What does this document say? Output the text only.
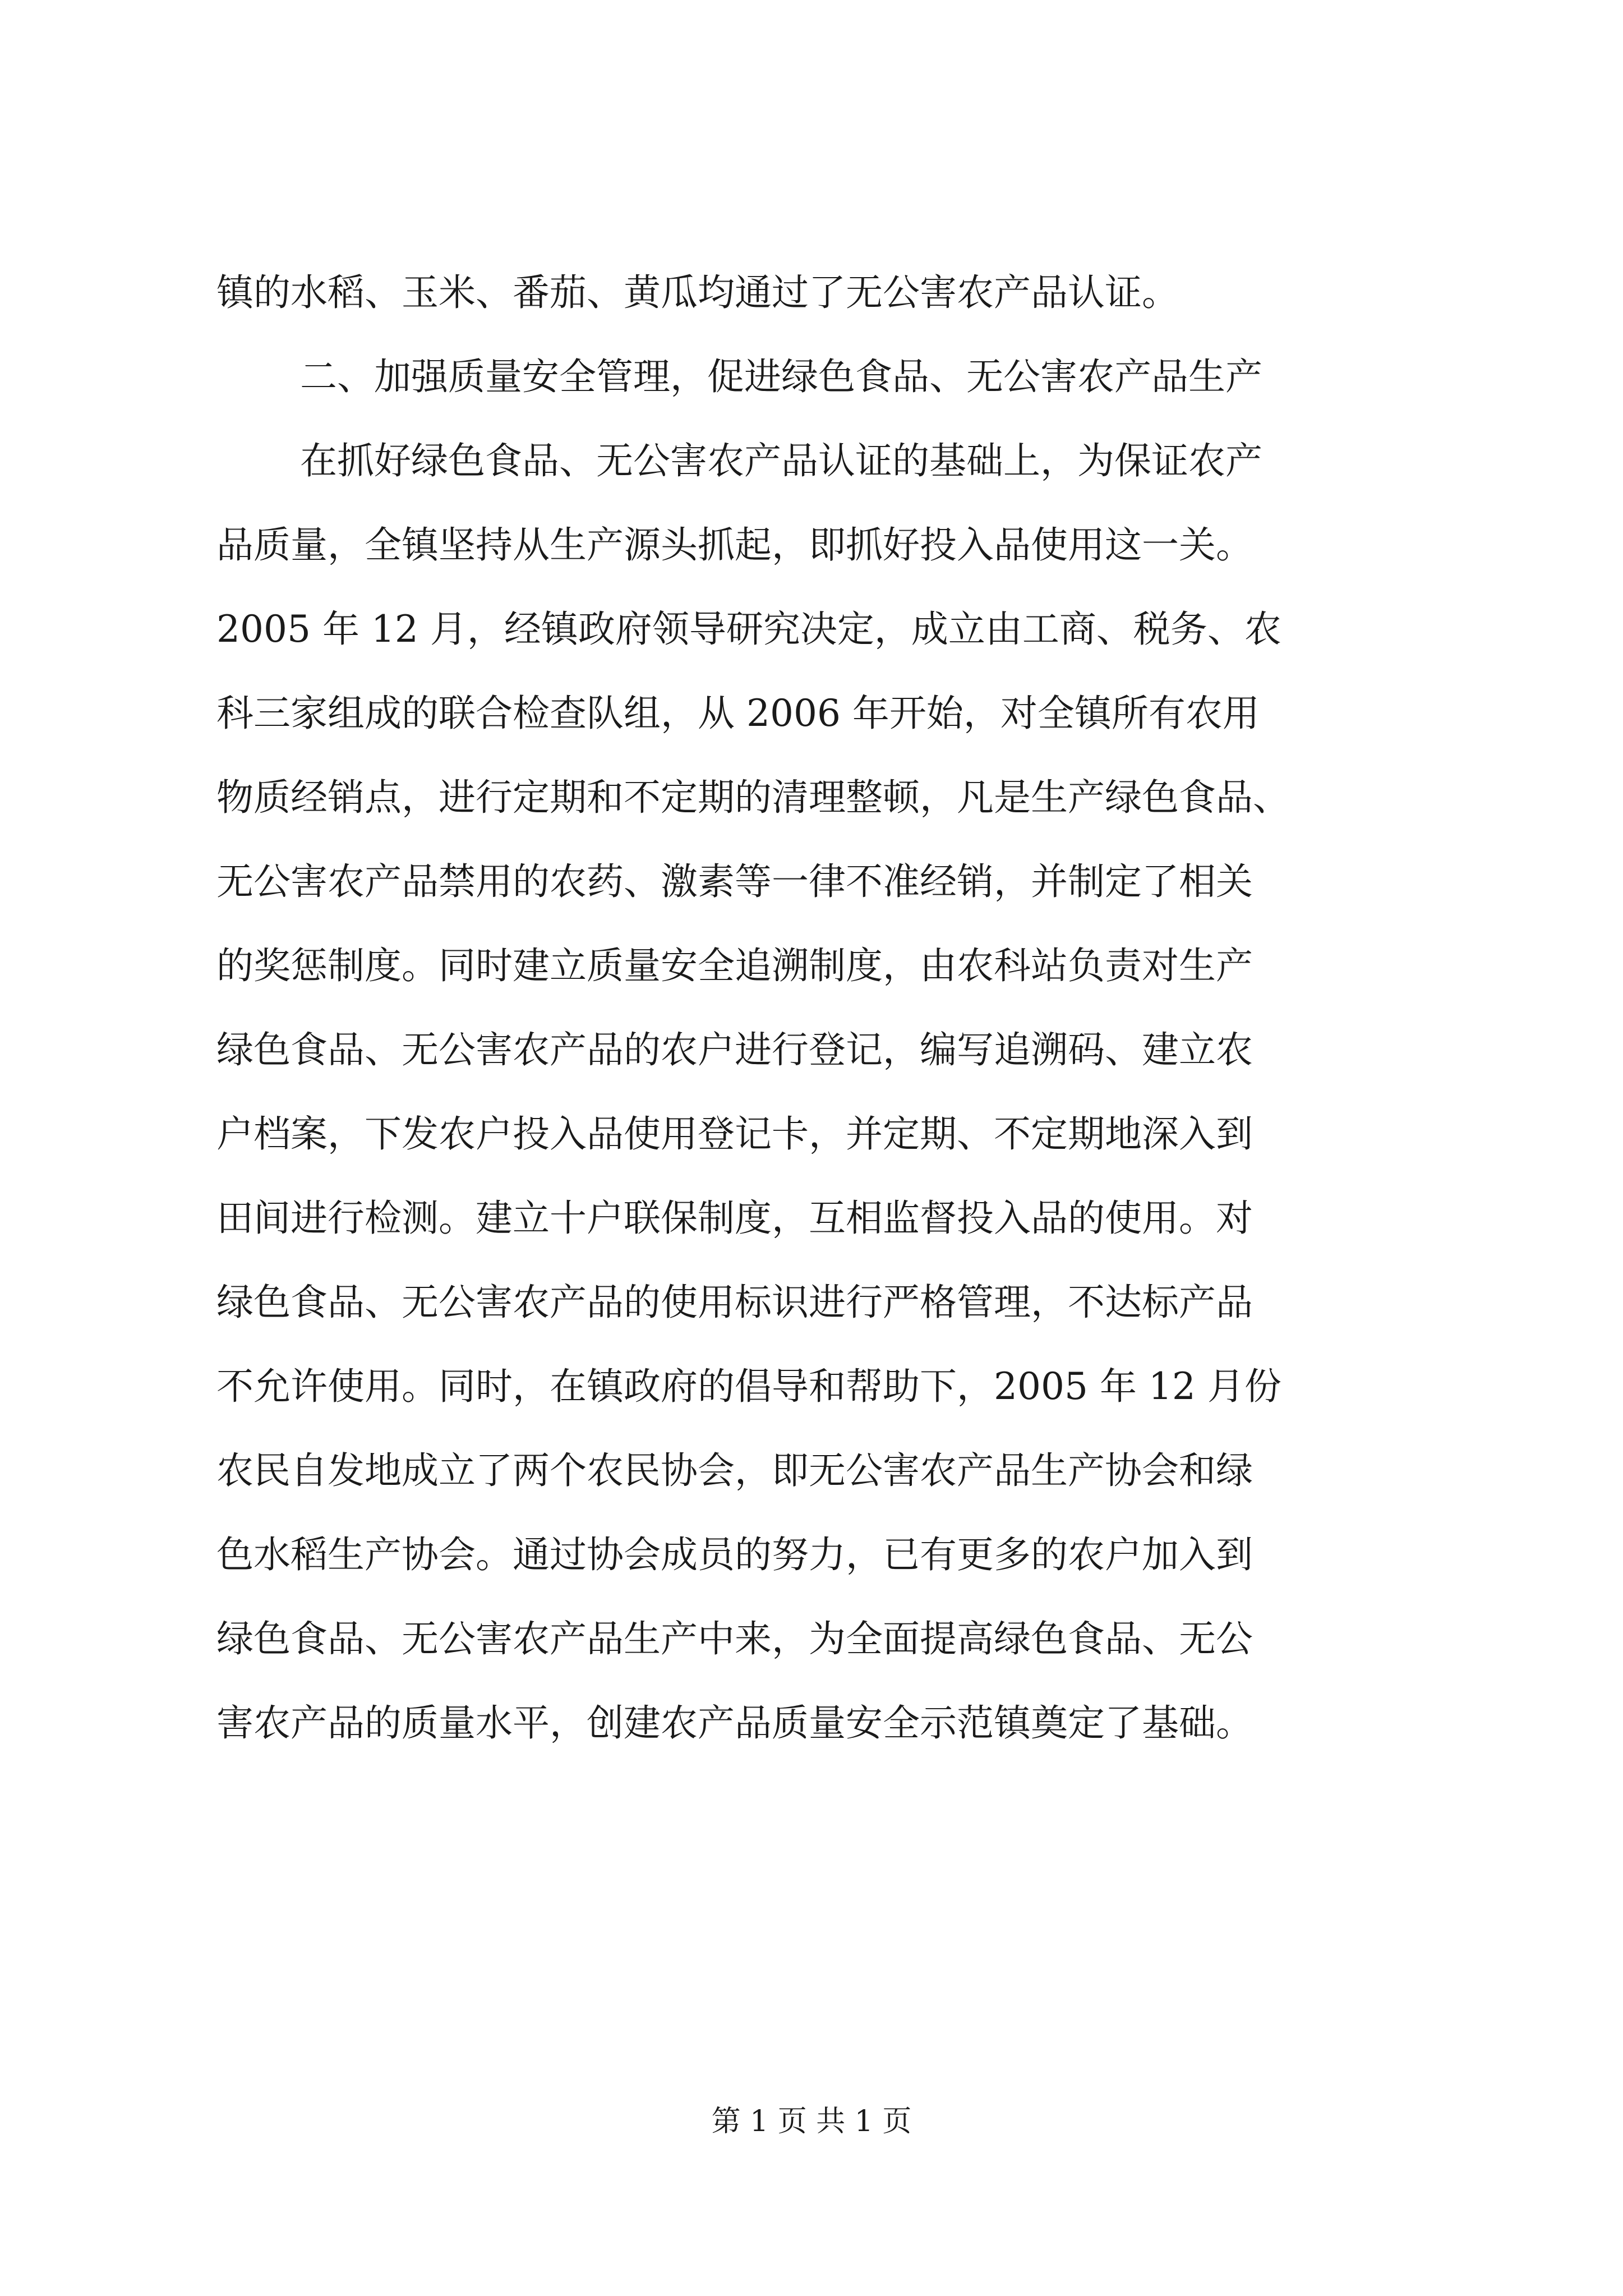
镇的水稻、玉米、番茄、黄瓜均通过了无公害农产品认证。

二、加强质量安全管理，促进绿色食品、无公害农产品生产

在抓好绿色食品、无公害农产品认证的基础上，为保证农产

品质量，全镇坚持从生产源头抓起，即抓好投入品使用这一关。

2005 年 12 月，经镇政府领导研究决定，成立由工商、税务、农

科三家组成的联合检查队组，从 2006 年开始，对全镇所有农用

物质经销点，进行定期和不定期的清理整顿，凡是生产绿色食品、

无公害农产品禁用的农药、激素等一律不准经销，并制定了相关

的奖惩制度。同时建立质量安全追溯制度，由农科站负责对生产

绿色食品、无公害农产品的农户进行登记，编写追溯码、建立农

户档案，下发农户投入品使用登记卡，并定期、不定期地深入到

田间进行检测。建立十户联保制度，互相监督投入品的使用。对

绿色食品、无公害农产品的使用标识进行严格管理，不达标产品

不允许使用。同时，在镇政府的倡导和帮助下，2005 年 12 月份

农民自发地成立了两个农民协会，即无公害农产品生产协会和绿

色水稻生产协会。通过协会成员的努力，已有更多的农户加入到

绿色食品、无公害农产品生产中来，为全面提高绿色食品、无公

害农产品的质量水平，创建农产品质量安全示范镇奠定了基础。

第 1 页 共 1 页
